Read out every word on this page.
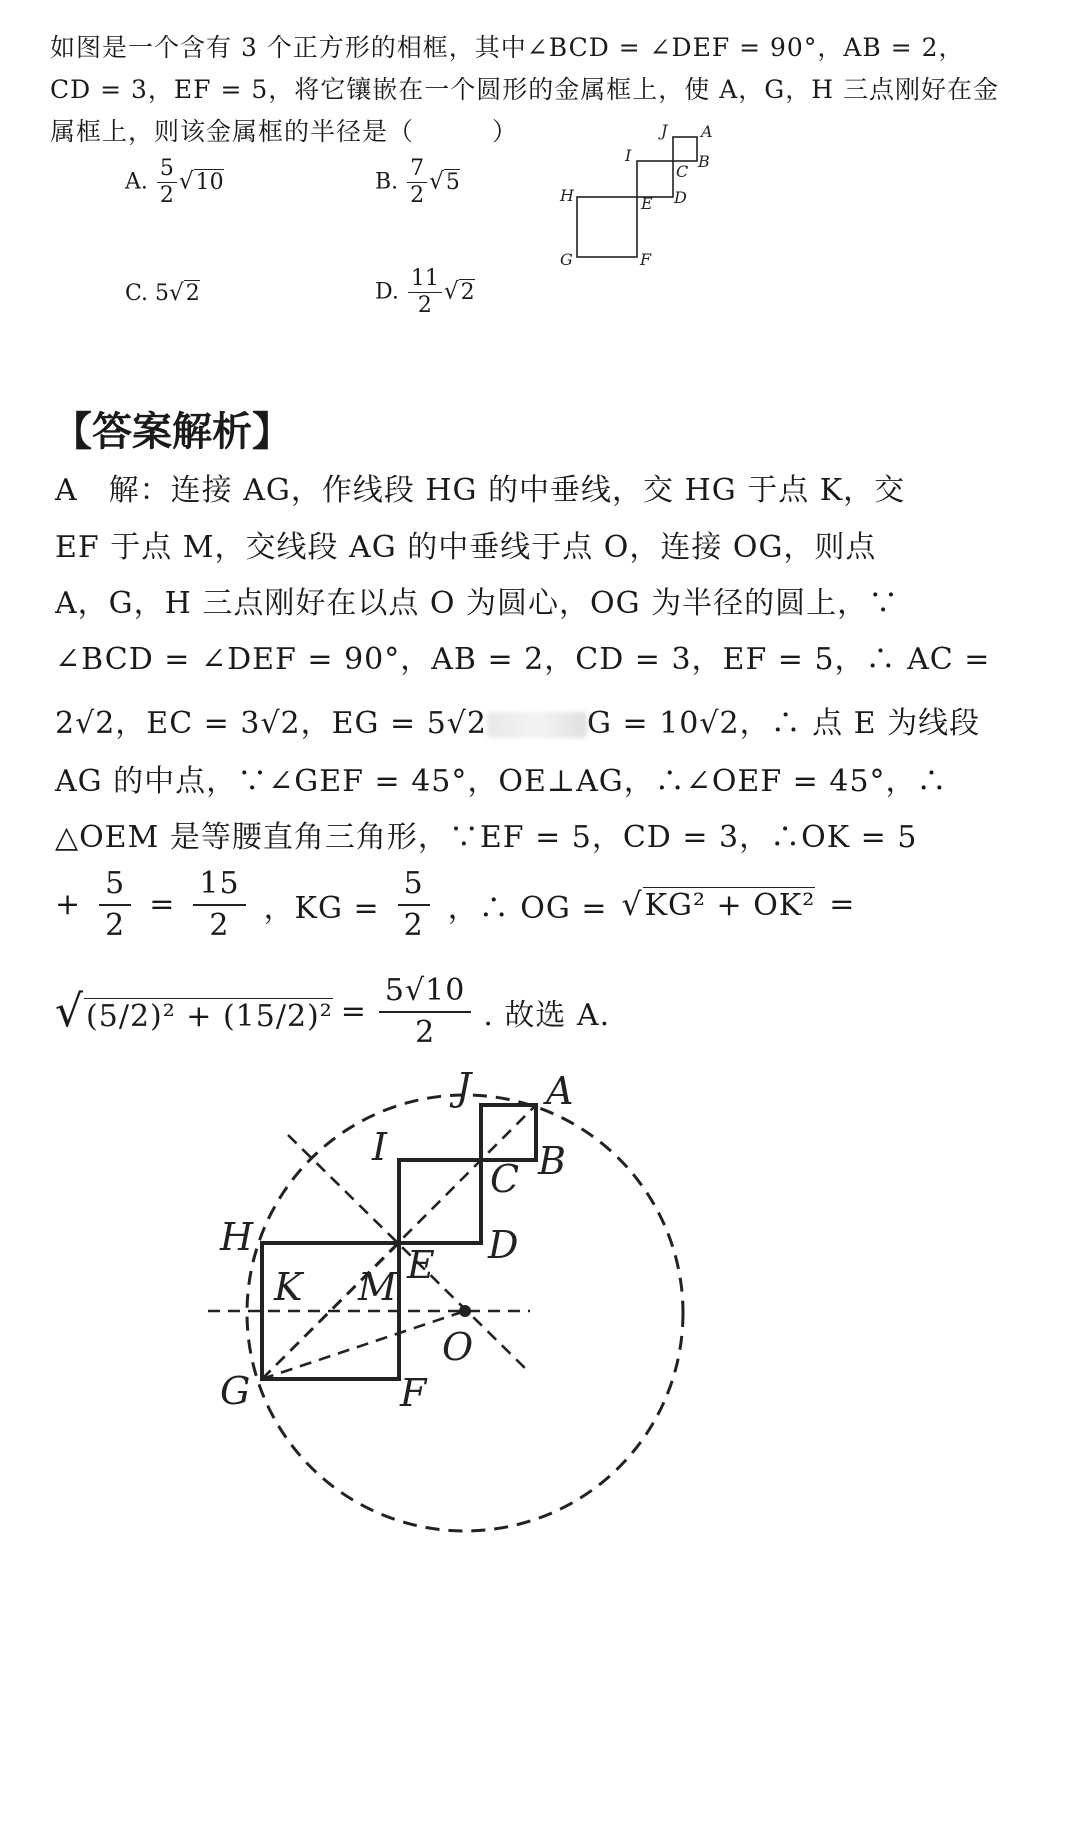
如图是一个含有 3 个正方形的相框，其中∠BCD = ∠DEF = 90°，AB = 2，
CD = 3，EF = 5，将它镶嵌在一个圆形的金属框上，使 A，G，H 三点刚好在金
属框上，则该金属框的半径是（　　　）
A. $\frac{5}{2} √10$	B. $\frac{7}{2} √5$
C. 5√2	D. $\frac{11}{2} √2$
J A
I	B
C
H	E D
G	F
【答案解析】
A　解：连接 AG，作线段 HG 的中垂线，交 HG 于点 K，交
EF 于点 M，交线段 AG 的中垂线于点 O，连接 OG，则点
A，G，H 三点刚好在以点 O 为圆心，OG 为半径的圆上，∵
∠BCD = ∠DEF = 90°，AB = 2，CD = 3，EF = 5，∴ AC =
2√2，EC = 3√2，EG = 5√2	G = 10√2，∴ 点 E 为线段
AG 的中点，∵∠GEF = 45°，OE⊥AG，∴∠OEF = 45°，∴
△OEM 是等腰直角三角形，∵EF = 5，CD = 3，∴OK = 5
+ $\frac{5}{2} = \frac{15}{2}$ ，KG = $\frac{5}{2}$ ，∴ OG = √KG² + OK² =
$√(5/2)^2 + (15/2)^2 = \frac{5√10}{2}$ . 故选 A.
J A
I	B
C
H
E D
K M
O
G	F
